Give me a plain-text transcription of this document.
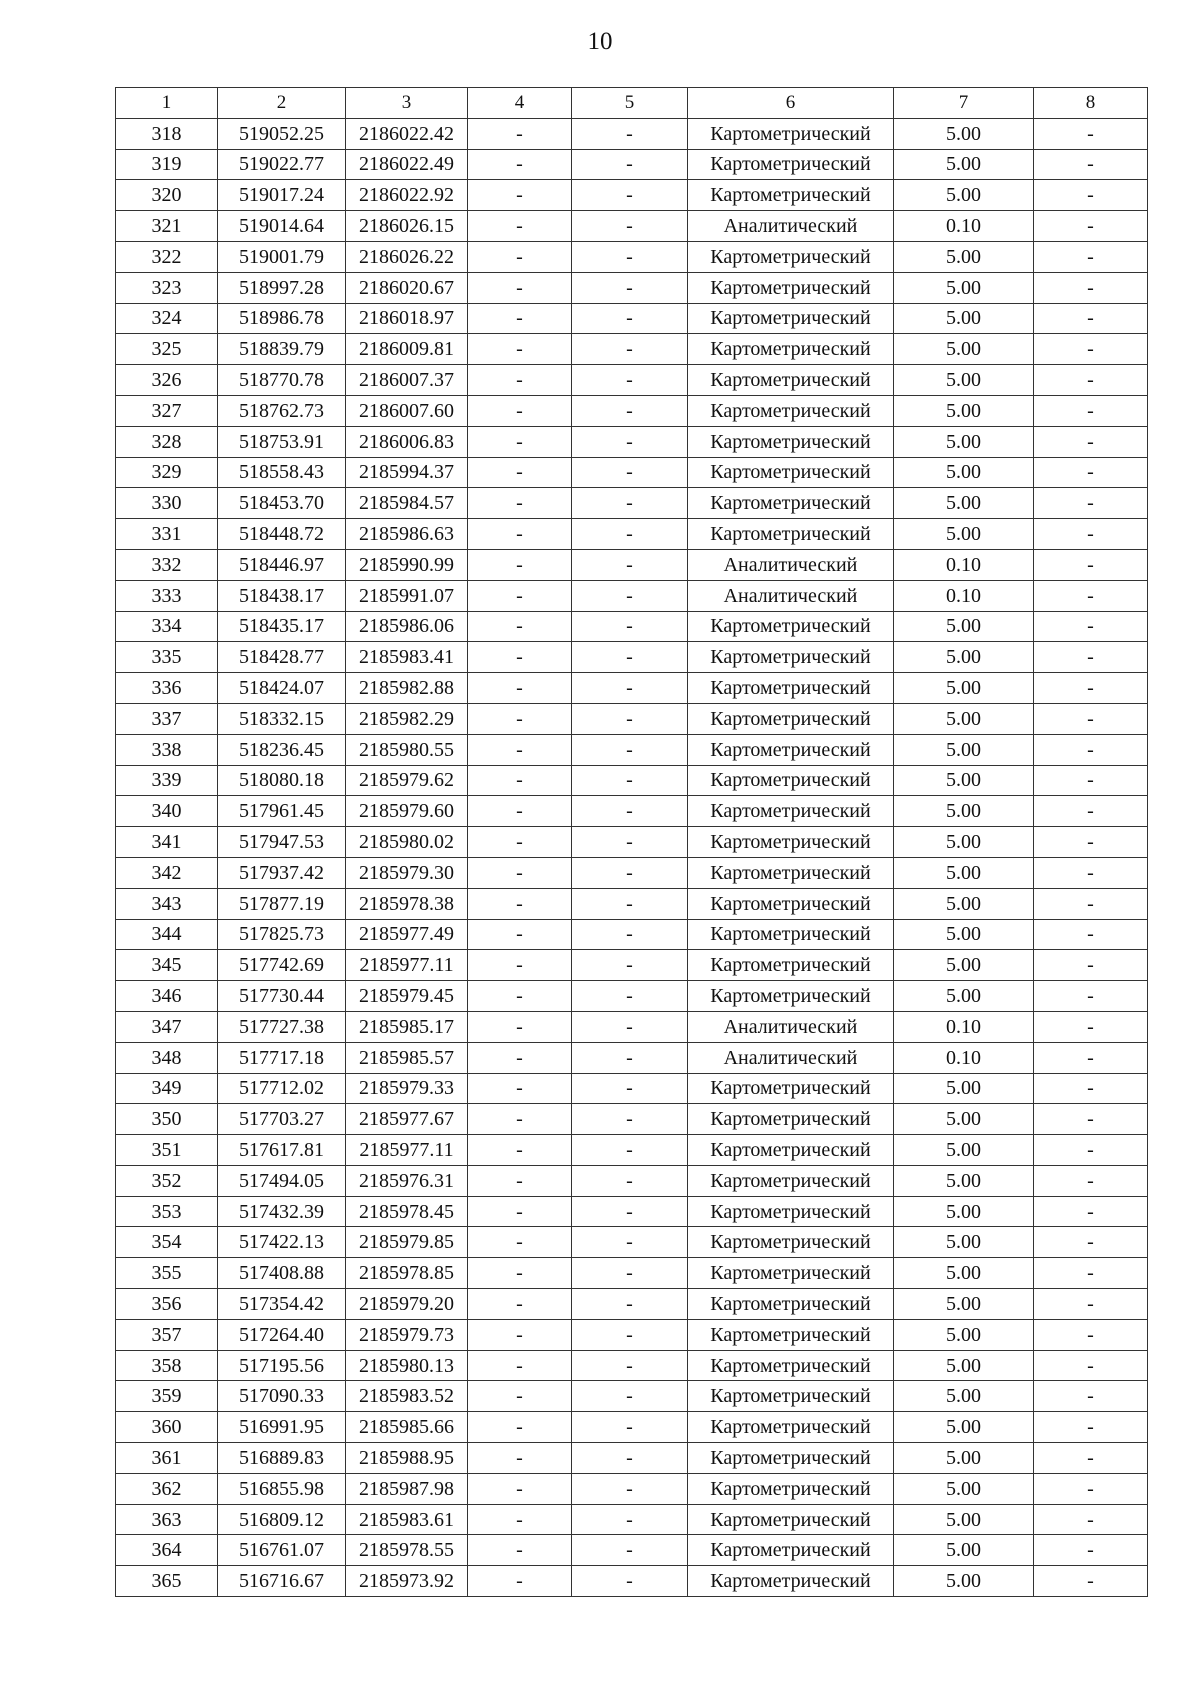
10
1	2	3	4	5	6	7	8
318	519052.25	2186022.42	-	-	Картометрический	5.00	-
319	519022.77	2186022.49	-	-	Картометрический	5.00	-
320	519017.24	2186022.92	-	-	Картометрический	5.00	-
321	519014.64	2186026.15	-	-	Аналитический	0.10	-
322	519001.79	2186026.22	-	-	Картометрический	5.00	-
323	518997.28	2186020.67	-	-	Картометрический	5.00	-
324	518986.78	2186018.97	-	-	Картометрический	5.00	-
325	518839.79	2186009.81	-	-	Картометрический	5.00	-
326	518770.78	2186007.37	-	-	Картометрический	5.00	-
327	518762.73	2186007.60	-	-	Картометрический	5.00	-
328	518753.91	2186006.83	-	-	Картометрический	5.00	-
329	518558.43	2185994.37	-	-	Картометрический	5.00	-
330	518453.70	2185984.57	-	-	Картометрический	5.00	-
331	518448.72	2185986.63	-	-	Картометрический	5.00	-
332	518446.97	2185990.99	-	-	Аналитический	0.10	-
333	518438.17	2185991.07	-	-	Аналитический	0.10	-
334	518435.17	2185986.06	-	-	Картометрический	5.00	-
335	518428.77	2185983.41	-	-	Картометрический	5.00	-
336	518424.07	2185982.88	-	-	Картометрический	5.00	-
337	518332.15	2185982.29	-	-	Картометрический	5.00	-
338	518236.45	2185980.55	-	-	Картометрический	5.00	-
339	518080.18	2185979.62	-	-	Картометрический	5.00	-
340	517961.45	2185979.60	-	-	Картометрический	5.00	-
341	517947.53	2185980.02	-	-	Картометрический	5.00	-
342	517937.42	2185979.30	-	-	Картометрический	5.00	-
343	517877.19	2185978.38	-	-	Картометрический	5.00	-
344	517825.73	2185977.49	-	-	Картометрический	5.00	-
345	517742.69	2185977.11	-	-	Картометрический	5.00	-
346	517730.44	2185979.45	-	-	Картометрический	5.00	-
347	517727.38	2185985.17	-	-	Аналитический	0.10	-
348	517717.18	2185985.57	-	-	Аналитический	0.10	-
349	517712.02	2185979.33	-	-	Картометрический	5.00	-
350	517703.27	2185977.67	-	-	Картометрический	5.00	-
351	517617.81	2185977.11	-	-	Картометрический	5.00	-
352	517494.05	2185976.31	-	-	Картометрический	5.00	-
353	517432.39	2185978.45	-	-	Картометрический	5.00	-
354	517422.13	2185979.85	-	-	Картометрический	5.00	-
355	517408.88	2185978.85	-	-	Картометрический	5.00	-
356	517354.42	2185979.20	-	-	Картометрический	5.00	-
357	517264.40	2185979.73	-	-	Картометрический	5.00	-
358	517195.56	2185980.13	-	-	Картометрический	5.00	-
359	517090.33	2185983.52	-	-	Картометрический	5.00	-
360	516991.95	2185985.66	-	-	Картометрический	5.00	-
361	516889.83	2185988.95	-	-	Картометрический	5.00	-
362	516855.98	2185987.98	-	-	Картометрический	5.00	-
363	516809.12	2185983.61	-	-	Картометрический	5.00	-
364	516761.07	2185978.55	-	-	Картометрический	5.00	-
365	516716.67	2185973.92	-	-	Картометрический	5.00	-
